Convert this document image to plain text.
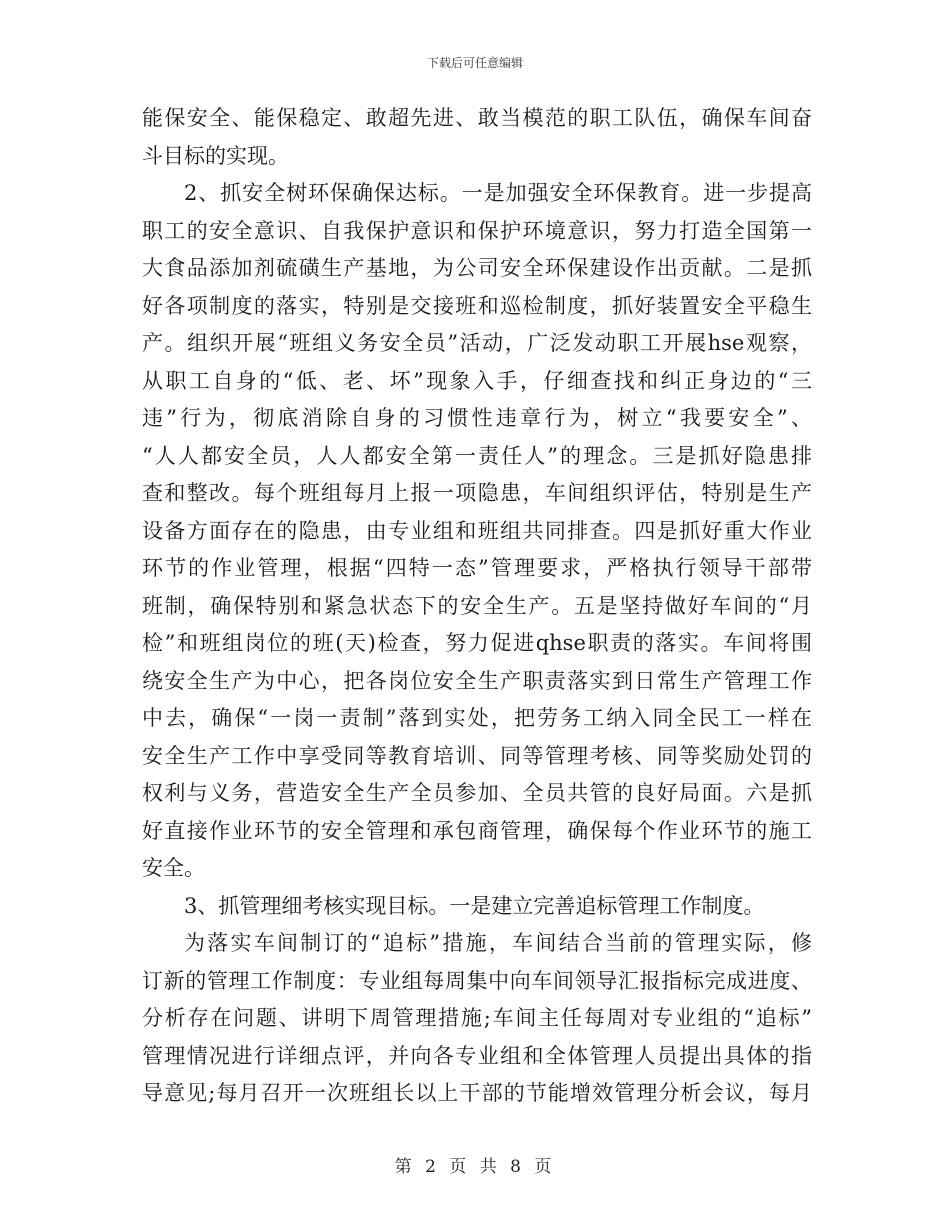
下载后可任意编辑
能保安全、能保稳定、敢超先进、敢当模范的职工队伍，确保车间奋
斗目标的实现。
2、抓安全树环保确保达标。一是加强安全环保教育。进一步提高
职工的安全意识、自我保护意识和保护环境意识，努力打造全国第一
大食品添加剂硫磺生产基地，为公司安全环保建设作出贡献。二是抓
好各项制度的落实，特别是交接班和巡检制度，抓好装置安全平稳生
产。组织开展“班组义务安全员”活动，广泛发动职工开展hse观察，
从职工自身的“低、老、坏”现象入手，仔细查找和纠正身边的“三
违”行为，彻底消除自身的习惯性违章行为，树立“我要安全”、
“人人都安全员，人人都安全第一责任人”的理念。三是抓好隐患排
查和整改。每个班组每月上报一项隐患，车间组织评估，特别是生产
设备方面存在的隐患，由专业组和班组共同排查。四是抓好重大作业
环节的作业管理，根据“四特一态”管理要求，严格执行领导干部带
班制，确保特别和紧急状态下的安全生产。五是坚持做好车间的“月
检”和班组岗位的班(天)检查，努力促进qhse职责的落实。车间将围
绕安全生产为中心，把各岗位安全生产职责落实到日常生产管理工作
中去，确保“一岗一责制”落到实处，把劳务工纳入同全民工一样在
安全生产工作中享受同等教育培训、同等管理考核、同等奖励处罚的
权利与义务，营造安全生产全员参加、全员共管的良好局面。六是抓
好直接作业环节的安全管理和承包商管理，确保每个作业环节的施工
安全。
3、抓管理细考核实现目标。一是建立完善追标管理工作制度。
为落实车间制订的“追标”措施，车间结合当前的管理实际，修
订新的管理工作制度：专业组每周集中向车间领导汇报指标完成进度、
分析存在问题、讲明下周管理措施;车间主任每周对专业组的“追标”
管理情况进行详细点评，并向各专业组和全体管理人员提出具体的指
导意见;每月召开一次班组长以上干部的节能增效管理分析会议，每月
第 2 页 共 8 页
